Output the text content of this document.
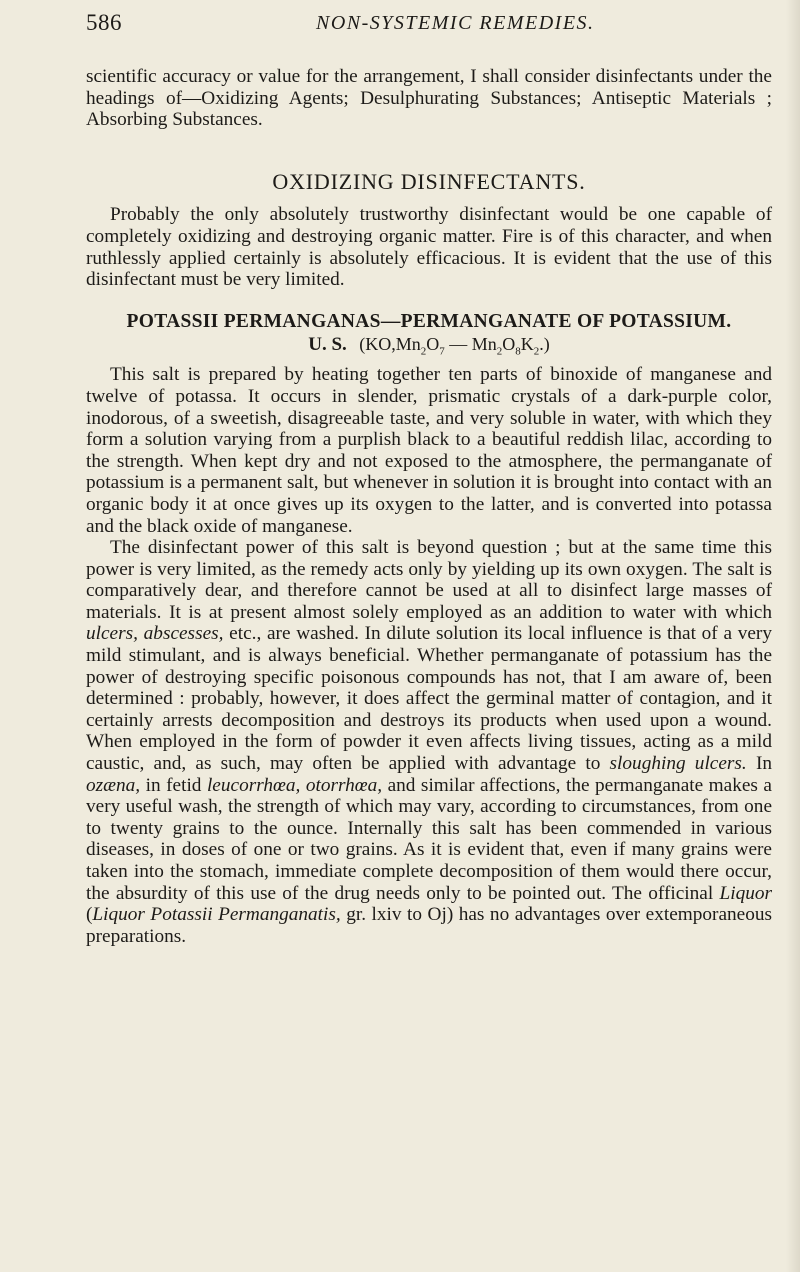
586	NON-SYSTEMIC REMEDIES.

scientific accuracy or value for the arrangement, I shall consider disinfectants under the headings of—Oxidizing Agents; Desulphurating Substances; Antiseptic Materials ; Absorbing Substances.

OXIDIZING DISINFECTANTS.

Probably the only absolutely trustworthy disinfectant would be one capable of completely oxidizing and destroying organic matter. Fire is of this character, and when ruthlessly applied certainly is absolutely efficacious. It is evident that the use of this disinfectant must be very limited.

POTASSII PERMANGANAS—PERMANGANATE OF POTASSIUM.
U. S. ($KO,Mn_2O_7$ — $Mn_2O_8K_2$.)

This salt is prepared by heating together ten parts of binoxide of manganese and twelve of potassa. It occurs in slender, prismatic crystals of a dark-purple color, inodorous, of a sweetish, disagreeable taste, and very soluble in water, with which they form a solution varying from a purplish black to a beautiful reddish lilac, according to the strength. When kept dry and not exposed to the atmosphere, the permanganate of potassium is a permanent salt, but whenever in solution it is brought into contact with an organic body it at once gives up its oxygen to the latter, and is converted into potassa and the black oxide of manganese.

The disinfectant power of this salt is beyond question ; but at the same time this power is very limited, as the remedy acts only by yielding up its own oxygen. The salt is comparatively dear, and therefore cannot be used at all to disinfect large masses of materials. It is at present almost solely employed as an addition to water with which ulcers, abscesses, etc., are washed. In dilute solution its local influence is that of a very mild stimulant, and is always beneficial. Whether permanganate of potassium has the power of destroying specific poisonous compounds has not, that I am aware of, been determined : probably, however, it does affect the germinal matter of contagion, and it certainly arrests decomposition and destroys its products when used upon a wound. When employed in the form of powder it even affects living tissues, acting as a mild caustic, and, as such, may often be applied with advantage to sloughing ulcers. In ozæna, in fetid leucorrhœa, otorrhœa, and similar affections, the permanganate makes a very useful wash, the strength of which may vary, according to circumstances, from one to twenty grains to the ounce. Internally this salt has been commended in various diseases, in doses of one or two grains. As it is evident that, even if many grains were taken into the stomach, immediate complete decomposition of them would there occur, the absurdity of this use of the drug needs only to be pointed out. The officinal Liquor (Liquor Potassii Permanganatis, gr. lxiv to Oj) has no advantages over extemporaneous preparations.
